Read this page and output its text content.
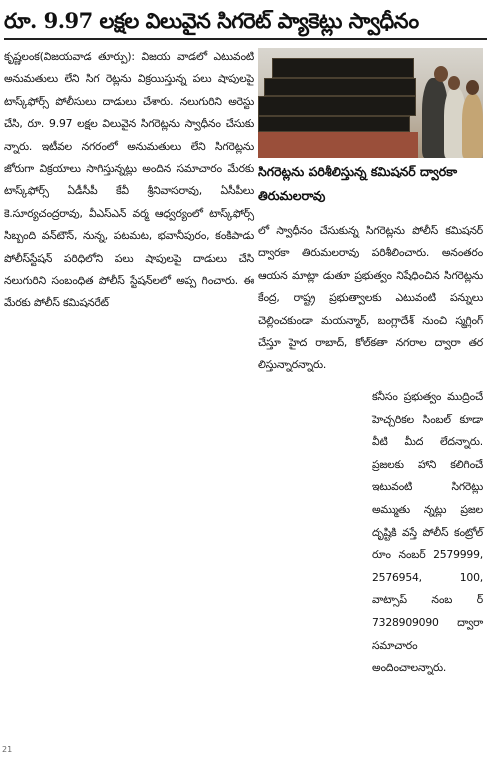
రూ. 9.97 లక్షల విలువైన సిగరెట్ ప్యాకెట్లు స్వాధీనం
కృష్ణలంక(విజయవాడ తూర్పు): విజయ వాడలో ఎటువంటి అనుమతులు లేని సిగ రెట్లను విక్రయిస్తున్న పలు షాపులపై టాస్క్‌ఫోర్స్ పోలీసులు దాడులు చేశారు. నలుగురిని అరెస్టు చేసి, రూ. 9.97 లక్షల విలువైన సిగరెట్లను స్వాధీనం చేసుకు న్నారు. ఇటీవల నగరంలో అనుమతులు లేని సిగరెట్లను జోరుగా విక్రయాలు సాగిస్తున్నట్లు అందిన సమాచారం మేరకు టాస్క్‌ఫోర్స్ ఏడీసీపీ కేవీ శ్రీనివాసరావు, ఏసీపీలు కె.సూర్యచంద్రరావు, వీఎస్ఎన్ వర్మ ఆధ్వర్యంలో టాస్క్‌ఫోర్స్ సిబ్బంది వన్‌టౌన్, నున్న, పటమట, భవానీపురం, కంకిపాడు పోలీస్‌స్టేషన్ పరిధిలోని పలు షాపులపై దాడులు చేసి నలుగురిని సంబంధిత పోలీస్ స్టేషన్‌లలో అప్ప గించారు. ఈ మేరకు పోలీస్ కమిషనరేట్
సిగరెట్లను పరిశీలిస్తున్న కమిషనర్ ద్వారకా తిరుమలరావు
లో స్వాధీనం చేసుకున్న సిగరెట్లను పోలీస్ కమిషనర్ ద్వారకా తిరుమలరావు పరిశీలించారు. అనంతరం ఆయన మాట్లా డుతూ ప్రభుత్వం నిషేధించిన సిగరెట్లను కేంద్ర, రాష్ట్ర ప్రభుత్వాలకు ఎటువంటి పన్నులు చెల్లించకుండా మయన్మార్, బంగ్లాదేశ్ నుంచి స్మగ్లింగ్ చేస్తూ హైద రాబాద్, కోల్‌కతా నగరాల ద్వారా తర లిస్తున్నారన్నారు.
కనీసం ప్రభుత్వం ముద్రించే హెచ్చరికల సింబల్ కూడా వీటి మీద లేదన్నారు. ప్రజలకు హాని కలిగించే ఇటువంటి సిగరెట్లు అమ్ముతు న్నట్లు ప్రజల దృష్టికి వస్తే పోలీస్ కంట్రోల్ రూం నంబర్ 2579999, 2576954, 100, వాట్సాప్ నంబ ర్ 7328909090 ద్వారా సమాచారం అందించాలన్నారు.
21
